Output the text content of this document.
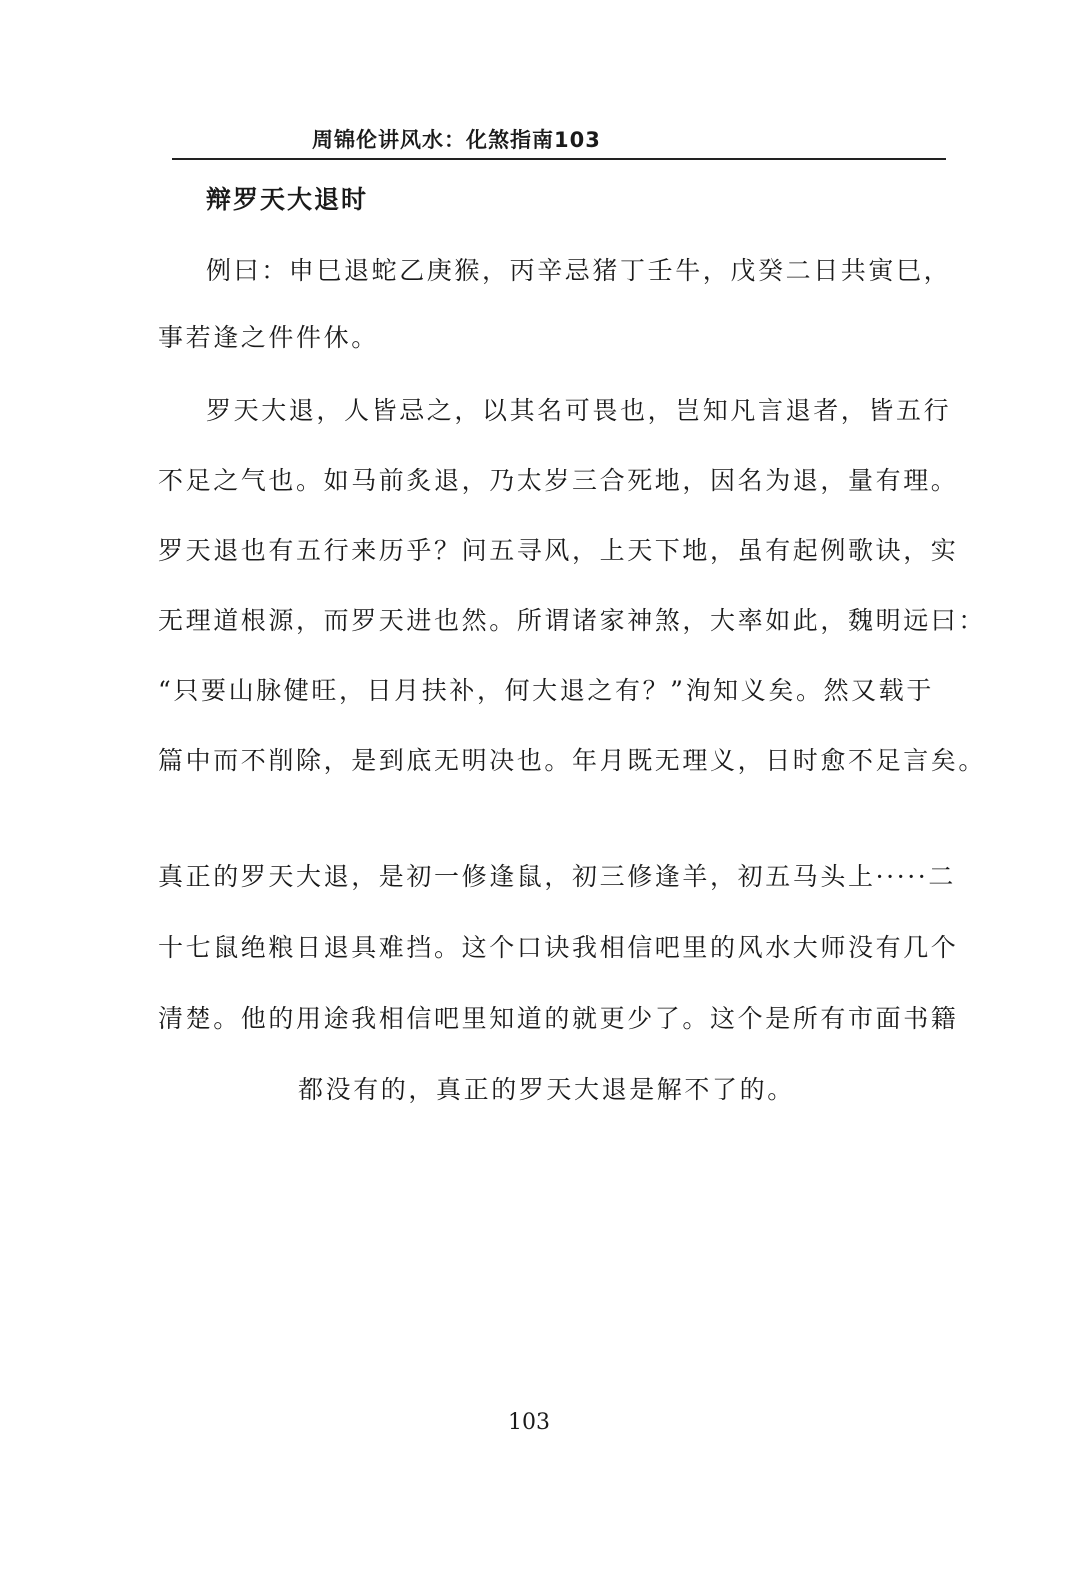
周锦伦讲风水：化煞指南103
辩罗天大退时
例曰：申巳退蛇乙庚猴，丙辛忌猪丁壬牛，戊癸二日共寅巳，
事若逢之件件休。
罗天大退，人皆忌之，以其名可畏也，岂知凡言退者，皆五行
不足之气也。如马前炙退，乃太岁三合死地，因名为退，量有理。
罗天退也有五行来历乎？问五寻风，上天下地，虽有起例歌诀，实
无理道根源，而罗天进也然。所谓诸家神煞，大率如此，魏明远曰：
“只要山脉健旺，日月扶补，何大退之有？”洵知义矣。然又载于
篇中而不削除，是到底无明决也。年月既无理义，日时愈不足言矣。
真正的罗天大退，是初一修逢鼠，初三修逢羊，初五马头上·····二
十七鼠绝粮日退具难挡。这个口诀我相信吧里的风水大师没有几个
清楚。他的用途我相信吧里知道的就更少了。这个是所有市面书籍
都没有的，真正的罗天大退是解不了的。
103
